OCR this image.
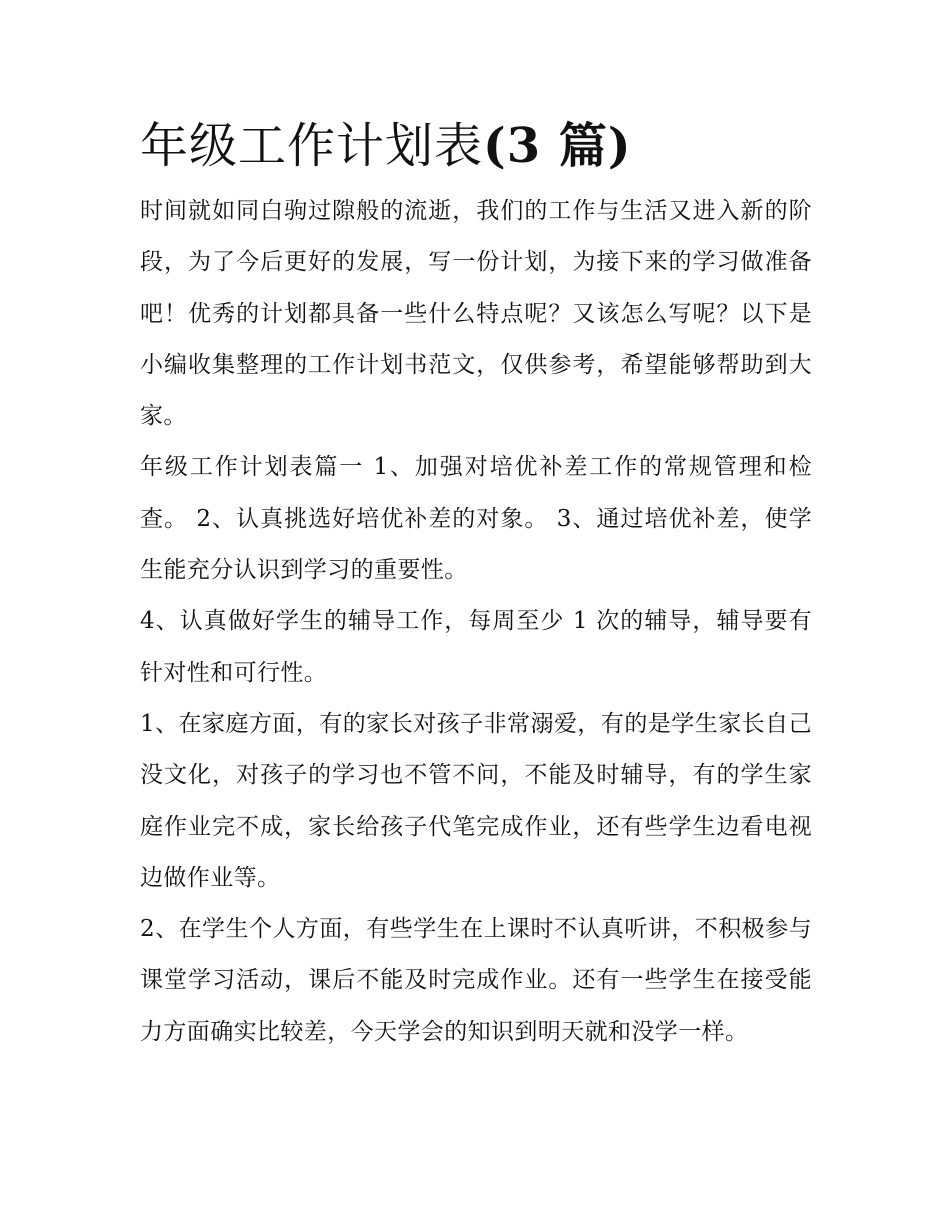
年级工作计划表(3 篇)

时间就如同白驹过隙般的流逝，我们的工作与生活又进入新的阶段，为了今后更好的发展，写一份计划，为接下来的学习做准备吧！优秀的计划都具备一些什么特点呢？又该怎么写呢？以下是小编收集整理的工作计划书范文，仅供参考，希望能够帮助到大家。

年级工作计划表篇一 1、加强对培优补差工作的常规管理和检查。 2、认真挑选好培优补差的对象。 3、通过培优补差，使学生能充分认识到学习的重要性。

4、认真做好学生的辅导工作，每周至少 1 次的辅导，辅导要有针对性和可行性。

1、在家庭方面，有的家长对孩子非常溺爱，有的是学生家长自己没文化，对孩子的学习也不管不问，不能及时辅导，有的学生家庭作业完不成，家长给孩子代笔完成作业，还有些学生边看电视边做作业等。

2、在学生个人方面，有些学生在上课时不认真听讲，不积极参与课堂学习活动，课后不能及时完成作业。还有一些学生在接受能力方面确实比较差，今天学会的知识到明天就和没学一样。
